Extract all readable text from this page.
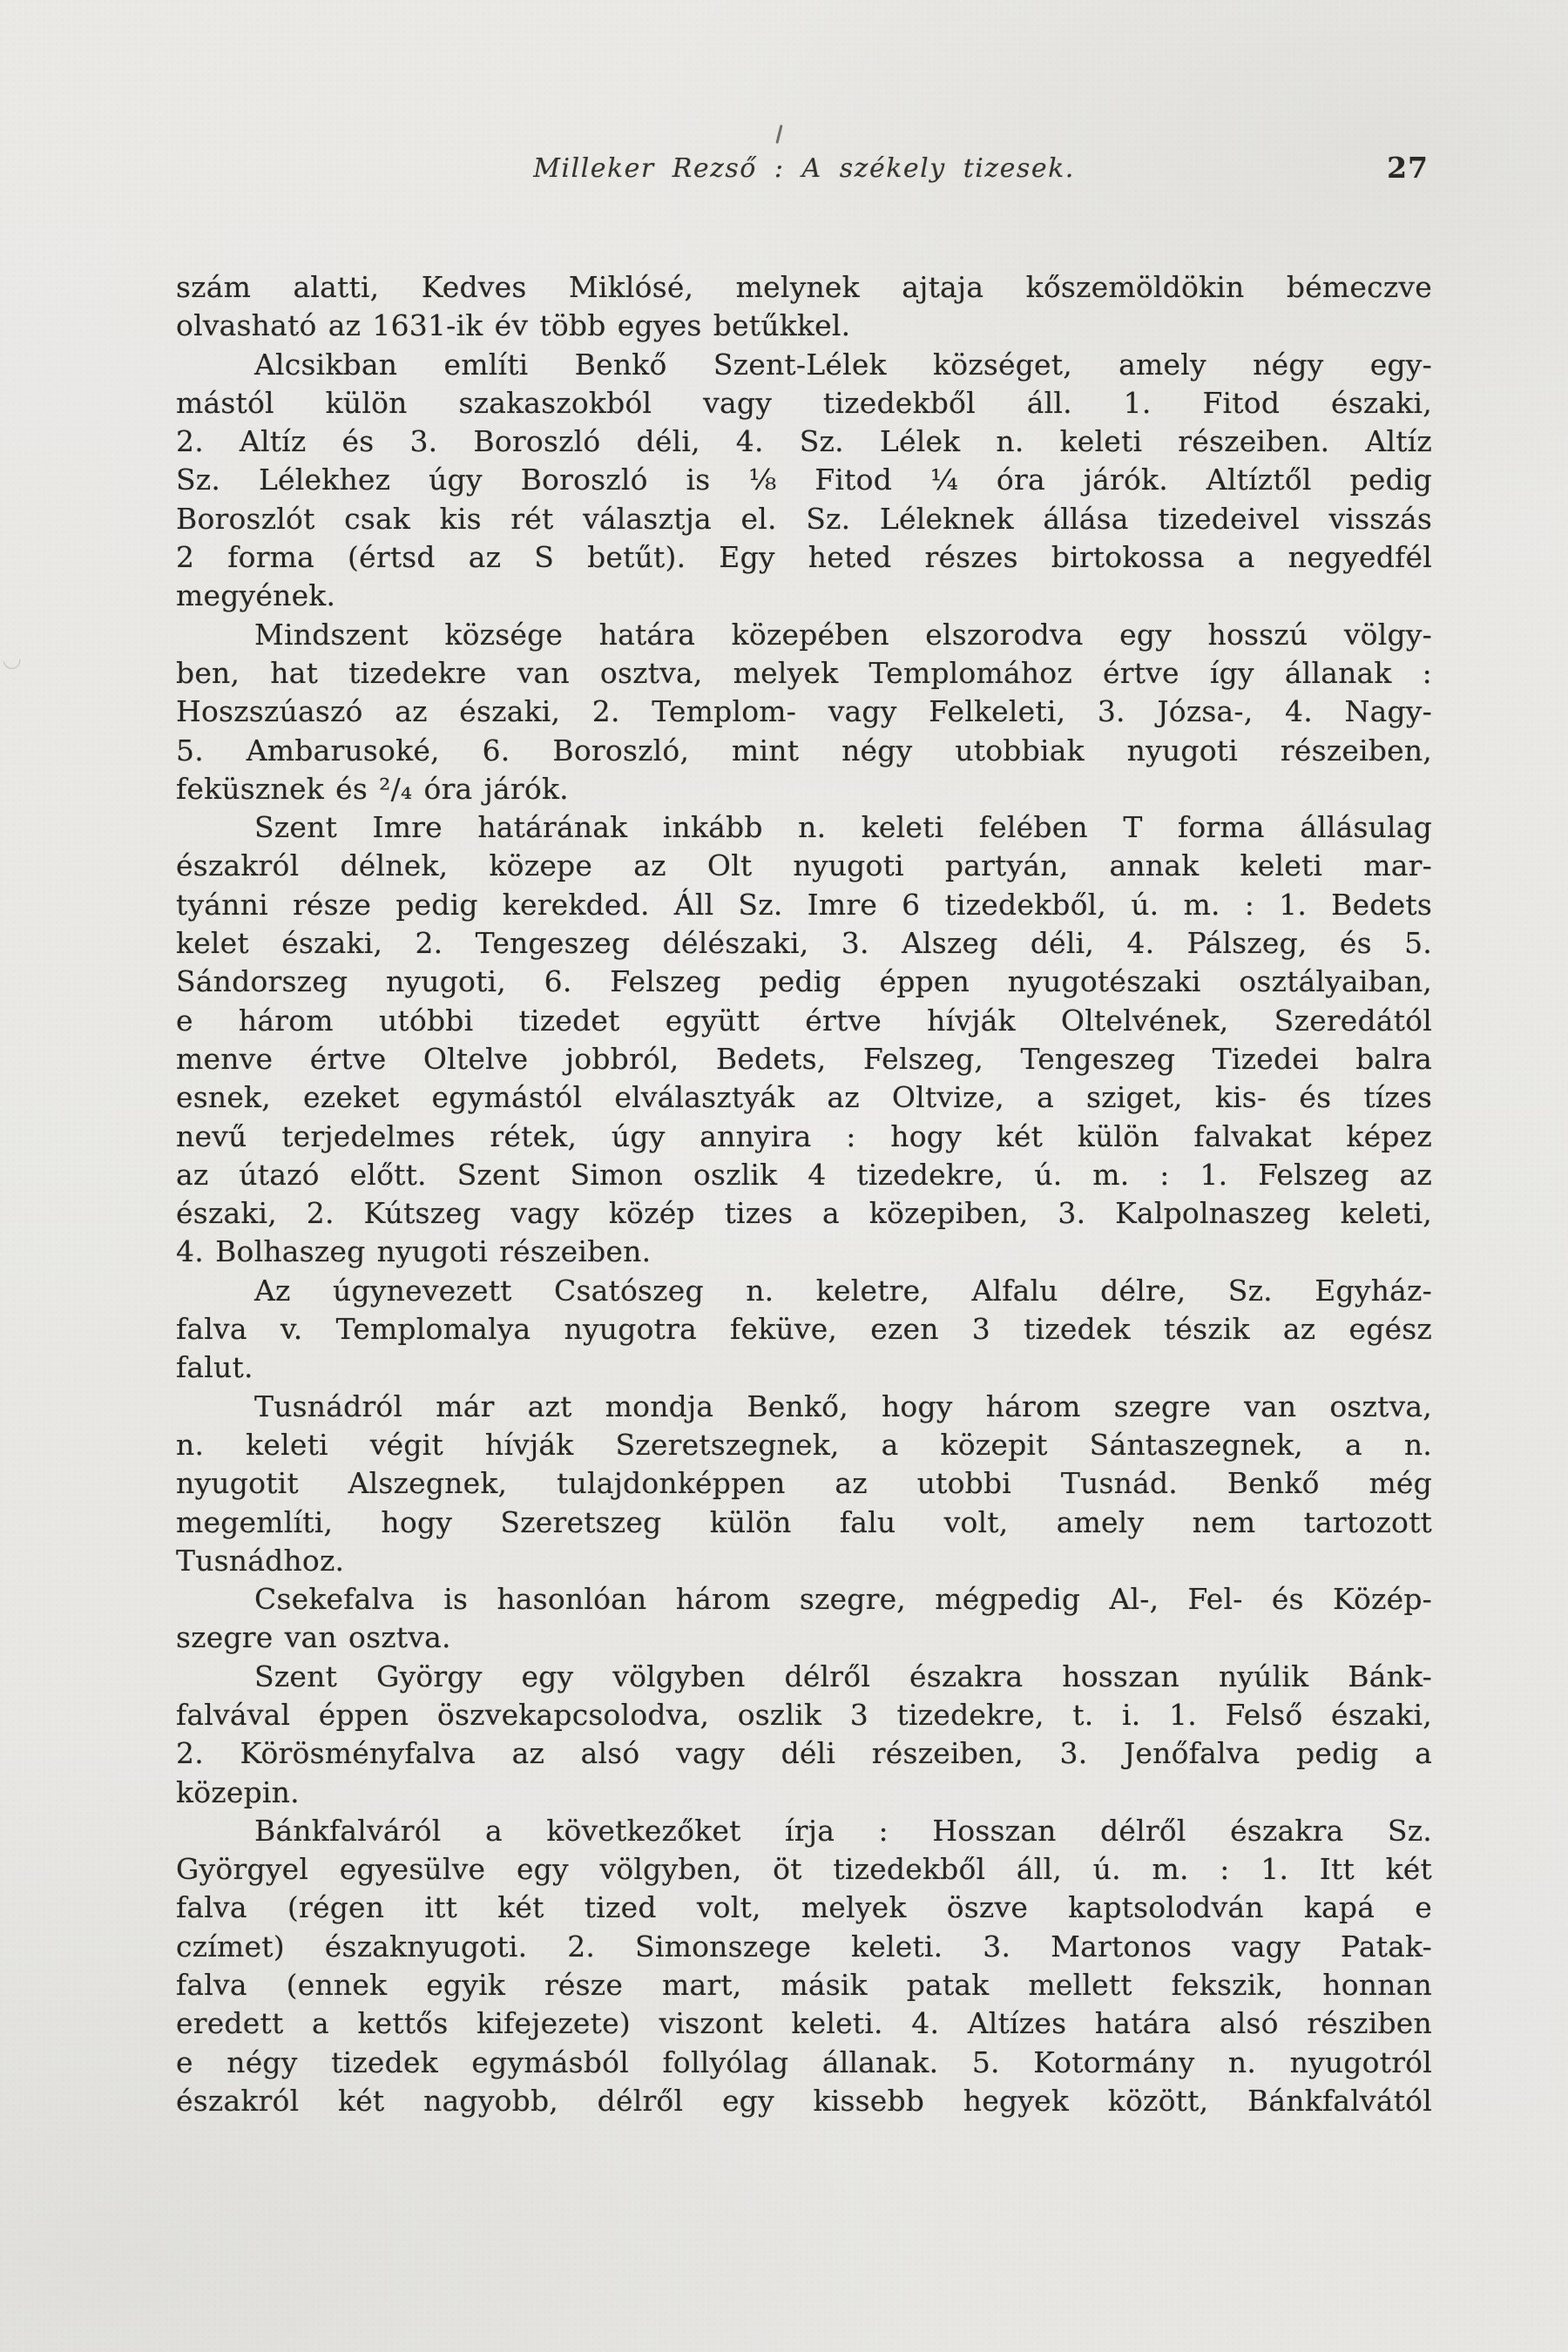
Milleker Rezső : A székely tizesek.	27
◡
szám alatti, Kedves Miklósé, melynek ajtaja kőszemöldökin bémeczve
olvasható az 1631-ik év több egyes betűkkel.
Alcsikban említi Benkő Szent-Lélek községet, amely négy egy-
mástól külön szakaszokból vagy tizedekből áll. 1. Fitod északi,
2. Altíz és 3. Boroszló déli, 4. Sz. Lélek n. keleti részeiben. Altíz
Sz. Lélekhez úgy Boroszló is ⅛ Fitod ¼ óra járók. Altíztől pedig
Boroszlót csak kis rét választja el. Sz. Léleknek állása tizedeivel visszás
2 forma (értsd az S betűt). Egy heted részes birtokossa a negyedfél
megyének.
Mindszent községe határa közepében elszorodva egy hosszú völgy-
ben, hat tizedekre van osztva, melyek Templomához értve így állanak :
Hoszszúaszó az északi, 2. Templom- vagy Felkeleti, 3. Józsa-, 4. Nagy-
5. Ambarusoké, 6. Boroszló, mint négy utobbiak nyugoti részeiben,
feküsznek és ²/₄ óra járók.
Szent Imre határának inkább n. keleti felében T forma állásulag
északról délnek, közepe az Olt nyugoti partyán, annak keleti mar-
tyánni része pedig kerekded. Áll Sz. Imre 6 tizedekből, ú. m. : 1. Bedets
kelet északi, 2. Tengeszeg délészaki, 3. Alszeg déli, 4. Pálszeg, és 5.
Sándorszeg nyugoti, 6. Felszeg pedig éppen nyugotészaki osztályaiban,
e három utóbbi tizedet együtt értve hívják Oltelvének, Szeredától
menve értve Oltelve jobbról, Bedets, Felszeg, Tengeszeg Tizedei balra
esnek, ezeket egymástól elválasztyák az Oltvize, a sziget, kis- és tízes
nevű terjedelmes rétek, úgy annyira : hogy két külön falvakat képez
az útazó előtt. Szent Simon oszlik 4 tizedekre, ú. m. : 1. Felszeg az
északi, 2. Kútszeg vagy közép tizes a közepiben, 3. Kalpolnaszeg keleti,
4. Bolhaszeg nyugoti részeiben.
Az úgynevezett Csatószeg n. keletre, Alfalu délre, Sz. Egyház-
falva v. Templomalya nyugotra feküve, ezen 3 tizedek tészik az egész
falut.
Tusnádról már azt mondja Benkő, hogy három szegre van osztva,
n. keleti végit hívják Szeretszegnek, a közepit Sántaszegnek, a n.
nyugotit Alszegnek, tulajdonképpen az utobbi Tusnád. Benkő még
megemlíti, hogy Szeretszeg külön falu volt, amely nem tartozott
Tusnádhoz.
Csekefalva is hasonlóan három szegre, mégpedig Al-, Fel- és Közép-
szegre van osztva.
Szent György egy völgyben délről északra hosszan nyúlik Bánk-
falvával éppen öszvekapcsolodva, oszlik 3 tizedekre, t. i. 1. Felső északi,
2. Körösményfalva az alsó vagy déli részeiben, 3. Jenőfalva pedig a
közepin.
Bánkfalváról a következőket írja : Hosszan délről északra Sz.
Györgyel egyesülve egy völgyben, öt tizedekből áll, ú. m. : 1. Itt két
falva (régen itt két tized volt, melyek öszve kaptsolodván kapá e
czímet) északnyugoti. 2. Simonszege keleti. 3. Martonos vagy Patak-
falva (ennek egyik része mart, másik patak mellett fekszik, honnan
eredett a kettős kifejezete) viszont keleti. 4. Altízes határa alsó résziben
e négy tizedek egymásból follyólag állanak. 5. Kotormány n. nyugotról
északról két nagyobb, délről egy kissebb hegyek között, Bánkfalvától
